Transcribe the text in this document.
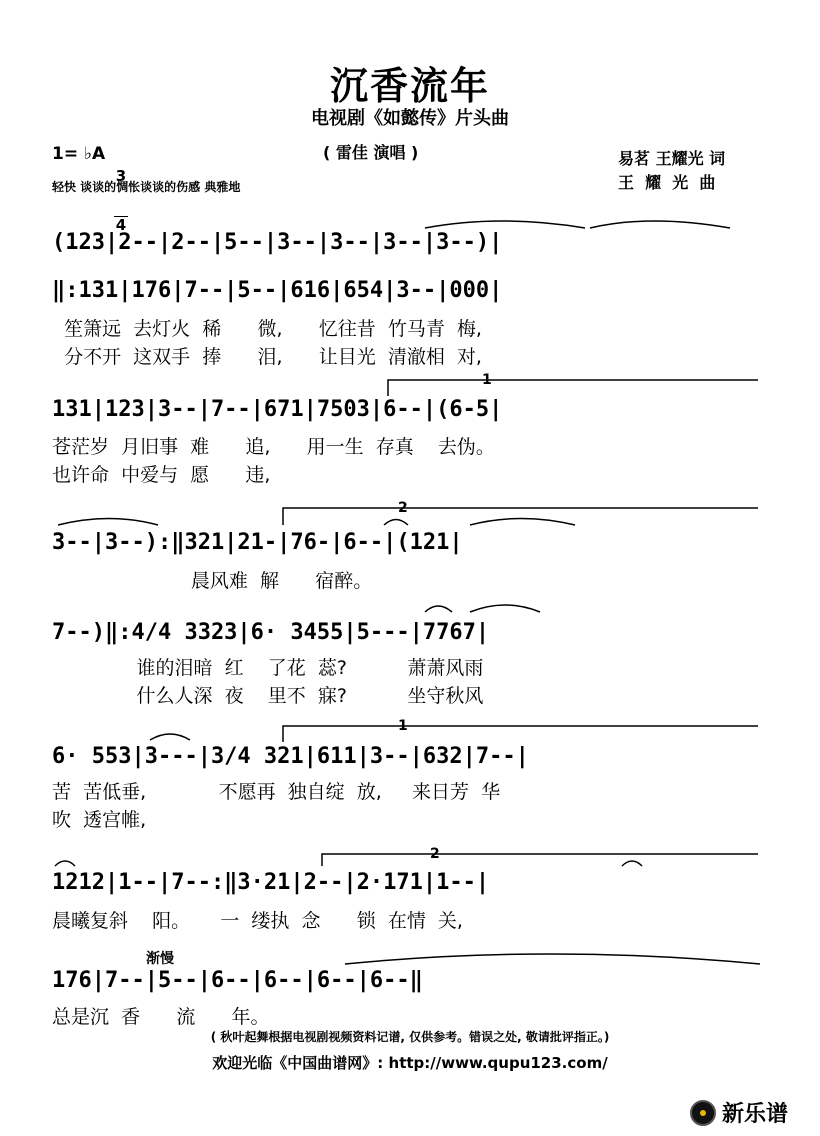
沉香流年
电视剧《如懿传》片头曲
( 雷佳 演唱 )
1= ♭A

3

4

易茗 王耀光 词
王  耀  光  曲
轻快 谈谈的惆怅谈谈的伤感 典雅地
(123|2--|2--|5--|3--|3--|3--|3--)|
‖:131|176|7--|5--|616|654|3--|000|
笙箫远  去灯火  稀      微,      忆往昔  竹马青  梅,
分不开  这双手  捧      泪,      让目光  清澈相  对,
1
131|123|3--|7--|671|7503|6--|(6-5|
苍茫岁  月旧事  难      追,      用一生  存真    去伪。
也许命  中爱与  愿      违,
2
3--|3--):‖321|21-|76-|6--|(121|
晨风难  解      宿醉。
7--)‖:4/4 3323|6· 3455|5---|7767|
谁的泪暗  红    了花  蕊?          萧萧风雨
什么人深  夜    里不  寐?          坐守秋风
1
6· 553|3---|3/4 321|611|3--|632|7--|
苦  苦低垂,            不愿再  独自绽  放,     来日芳  华
吹  透宫帷,
2
1212|1--|7--:‖3·21|2--|2·171|1--|
晨曦复斜    阳。     一  缕执  念      锁  在情  关,
渐慢
176|7--|5--|6--|6--|6--|6--‖
总是沉  香      流      年。
( 秋叶起舞根据电视剧视频资料记谱, 仅供参考。错误之处, 敬请批评指正。)
欢迎光临《中国曲谱网》: http://www.qupu123.com/
新乐谱
